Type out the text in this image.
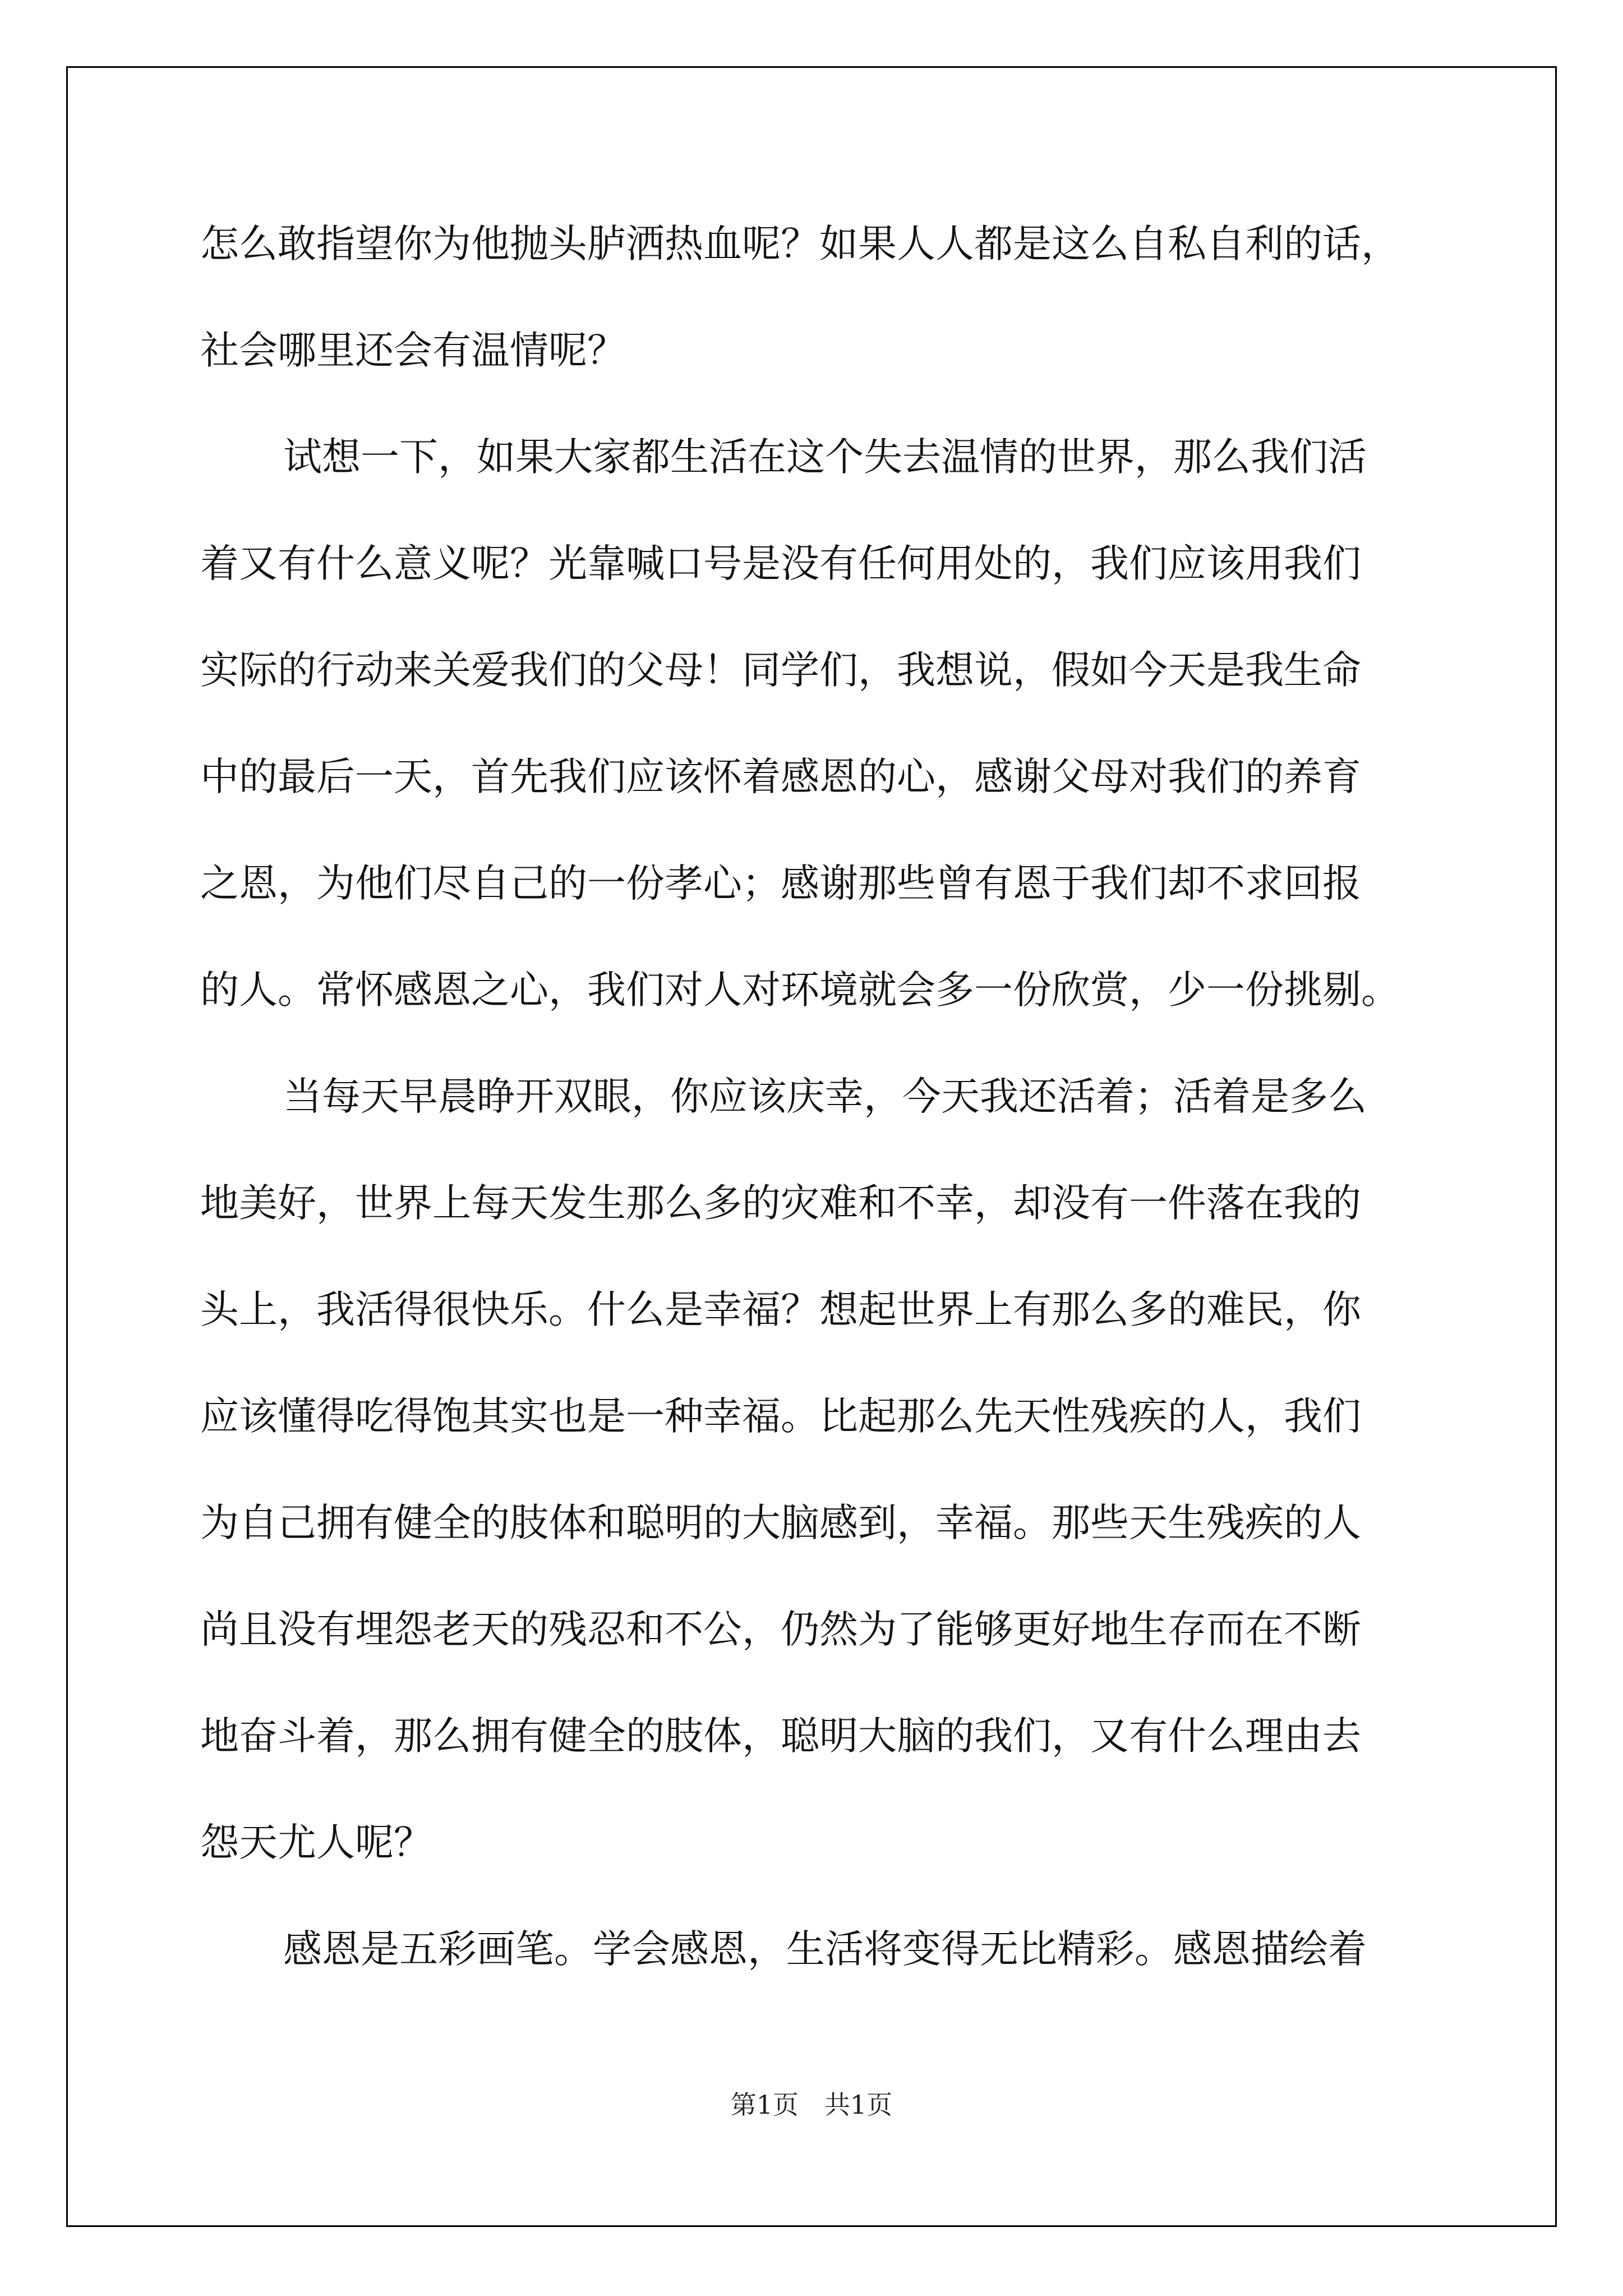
怎么敢指望你为他抛头胪洒热血呢？如果人人都是这么自私自利的话，
社会哪里还会有温情呢？

试想一下，如果大家都生活在这个失去温情的世界，那么我们活
着又有什么意义呢？光靠喊口号是没有任何用处的，我们应该用我们
实际的行动来关爱我们的父母！同学们，我想说，假如今天是我生命
中的最后一天，首先我们应该怀着感恩的心，感谢父母对我们的养育
之恩，为他们尽自己的一份孝心；感谢那些曾有恩于我们却不求回报
的人。常怀感恩之心，我们对人对环境就会多一份欣赏，少一份挑剔。

当每天早晨睁开双眼，你应该庆幸，今天我还活着；活着是多么
地美好，世界上每天发生那么多的灾难和不幸，却没有一件落在我的
头上，我活得很快乐。什么是幸福？想起世界上有那么多的难民，你
应该懂得吃得饱其实也是一种幸福。比起那么先天性残疾的人，我们
为自己拥有健全的肢体和聪明的大脑感到，幸福。那些天生残疾的人
尚且没有埋怨老天的残忍和不公，仍然为了能够更好地生存而在不断
地奋斗着，那么拥有健全的肢体，聪明大脑的我们，又有什么理由去
怨天尤人呢？

感恩是五彩画笔。学会感恩，生活将变得无比精彩。感恩描绘着

第1页　共1页
